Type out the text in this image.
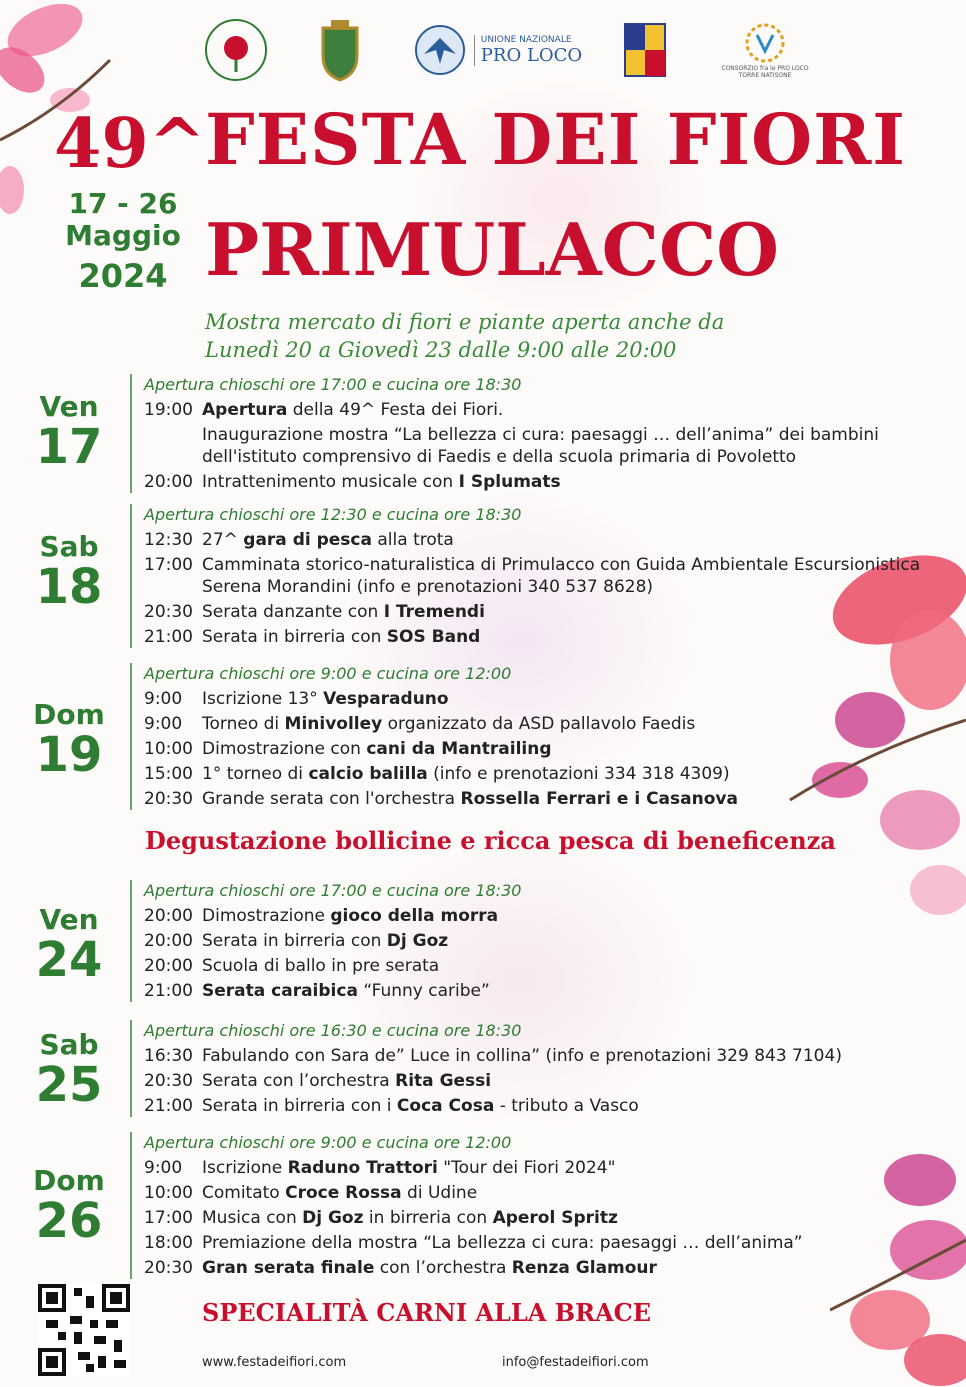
UNIONE NAZIONALE
PRO LOCO
CONSORZIO fra le PRO LOCO TORRE NATISONE
49^ FESTA DEI FIORI
PRIMULACCO
17 - 26
Maggio
2024
Mostra mercato di fiori e piante aperta anche da
Lunedì 20 a Giovedì 23 dalle 9:00 alle 20:00
Ven
17
Apertura chioschi ore 17:00 e cucina ore 18:30
19:00 Apertura della 49^ Festa dei Fiori.
Inaugurazione mostra “La bellezza ci cura: paesaggi … dell’anima” dei bambini dell'istituto comprensivo di Faedis e della scuola primaria di Povoletto
20:00 Intrattenimento musicale con I Splumats
Sab
18
Apertura chioschi ore 12:30 e cucina ore 18:30
12:30 27^ gara di pesca alla trota
17:00 Camminata storico-naturalistica di Primulacco con Guida Ambientale Escursionistica Serena Morandini (info e prenotazioni 340 537 8628)
20:30 Serata danzante con I Tremendi
21:00 Serata in birreria con SOS Band
Dom
19
Apertura chioschi ore 9:00 e cucina ore 12:00
9:00	Iscrizione 13° Vesparaduno
9:00	Torneo di Minivolley organizzato da ASD pallavolo Faedis
10:00 Dimostrazione con cani da Mantrailing
15:00 1° torneo di calcio balilla (info e prenotazioni 334 318 4309)
20:30 Grande serata con l'orchestra Rossella Ferrari e i Casanova
Degustazione bollicine e ricca pesca di beneficenza
Ven
24
Apertura chioschi ore 17:00 e cucina ore 18:30
20:00 Dimostrazione gioco della morra
20:00 Serata in birreria con Dj Goz
20:00 Scuola di ballo in pre serata
21:00 Serata caraibica “Funny caribe”
Sab
25
Apertura chioschi ore 16:30 e cucina ore 18:30
16:30 Fabulando con Sara de” Luce in collina” (info e prenotazioni 329 843 7104)
20:30 Serata con l’orchestra Rita Gessi
21:00 Serata in birreria con i Coca Cosa - tributo a Vasco
Dom
26
Apertura chioschi ore 9:00 e cucina ore 12:00
9:00	Iscrizione Raduno Trattori "Tour dei Fiori 2024"
10:00 Comitato Croce Rossa di Udine
17:00 Musica con Dj Goz in birreria con Aperol Spritz
18:00 Premiazione della mostra “La bellezza ci cura: paesaggi … dell’anima”
20:30 Gran serata finale con l’orchestra Renza Glamour
SPECIALITÀ CARNI ALLA BRACE
www.festadeifiori.com	info@festadeifiori.com
